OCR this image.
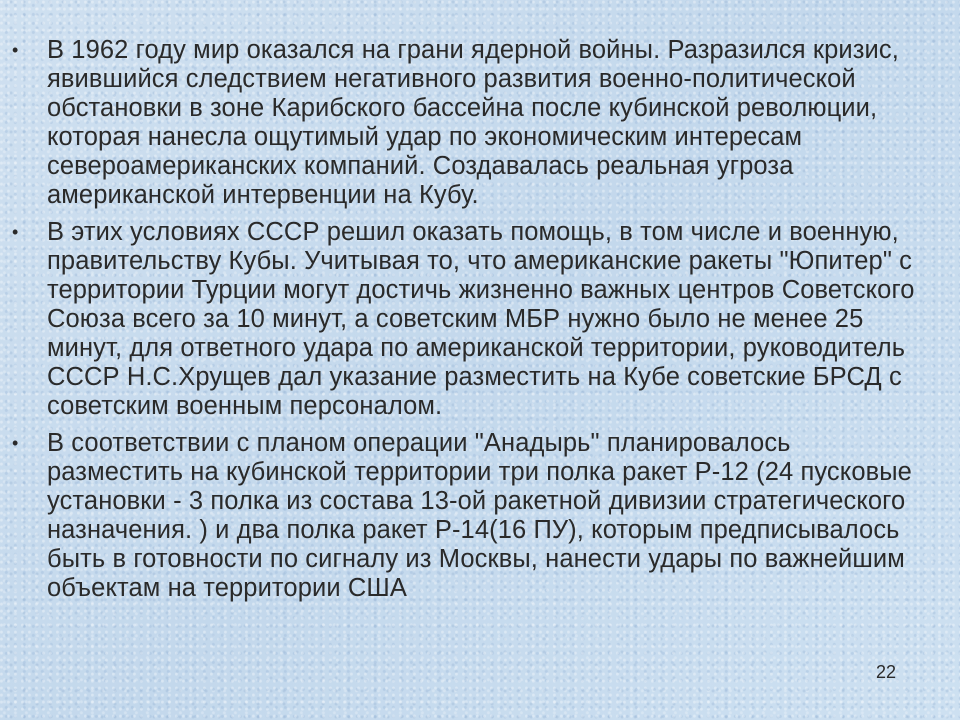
• В 1962 году мир оказался на грани ядерной войны. Разразился кризис, явившийся следствием негативного развития военно-политической обстановки в зоне Карибского бассейна после кубинской революции, которая нанесла ощутимый удар по экономическим интересам североамериканских компаний. Создавалась реальная угроза американской интервенции на Кубу.
• В этих условиях СССР решил оказать помощь, в том числе и военную, правительству Кубы. Учитывая то, что американские ракеты "Юпитер" с территории Турции могут достичь жизненно важных центров Советского Союза всего за 10 минут, а советским МБР нужно было не менее 25 минут, для ответного удара по американской территории, руководитель СССР Н.С.Хрущев дал указание разместить на Кубе советские БРСД с советским военным персоналом.
• В соответствии с планом операции "Анадырь" планировалось разместить на кубинской территории три полка ракет Р-12 (24 пусковые установки - 3 полка из состава 13-ой ракетной дивизии стратегического назначения. ) и два полка ракет Р-14(16 ПУ), которым предписывалось быть в готовности по сигналу из Москвы, нанести удары по важнейшим объектам на территории США
22
